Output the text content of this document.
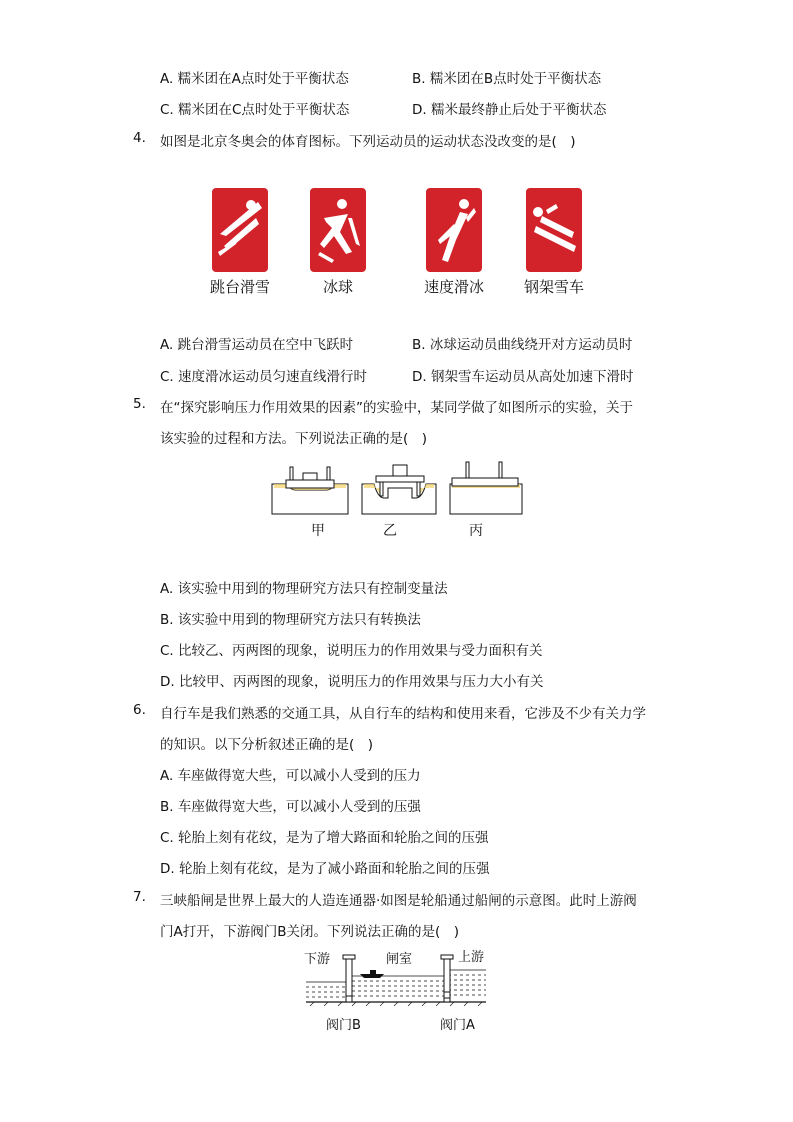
A. 糯米团在A点时处于平衡状态	B. 糯米团在B点时处于平衡状态
C. 糯米团在C点时处于平衡状态	D. 糯米最终静止后处于平衡状态
4. 如图是北京冬奥会的体育图标。下列运动员的运动状态没改变的是(　)
跳台滑雪	冰球	速度滑冰	钢架雪车
A. 跳台滑雪运动员在空中飞跃时	B. 冰球运动员曲线绕开对方运动员时
C. 速度滑冰运动员匀速直线滑行时	D. 钢架雪车运动员从高处加速下滑时
5. 在“探究影响压力作用效果的因素”的实验中，某同学做了如图所示的实验，关于
该实验的过程和方法。下列说法正确的是(　)
甲	乙	丙
A. 该实验中用到的物理研究方法只有控制变量法
B. 该实验中用到的物理研究方法只有转换法
C. 比较乙、丙两图的现象，说明压力的作用效果与受力面积有关
D. 比较甲、丙两图的现象，说明压力的作用效果与压力大小有关
6. 自行车是我们熟悉的交通工具，从自行车的结构和使用来看，它涉及不少有关力学
的知识。以下分析叙述正确的是(　)
A. 车座做得宽大些，可以减小人受到的压力
B. 车座做得宽大些，可以减小人受到的压强
C. 轮胎上刻有花纹，是为了增大路面和轮胎之间的压强
D. 轮胎上刻有花纹，是为了减小路面和轮胎之间的压强
7. 三峡船闸是世界上最大的人造连通器·如图是轮船通过船闸的示意图。此时上游阀
门A打开，下游阀门B关闭。下列说法正确的是(　)
下游	闸室	上游
阀门B	阀门A
